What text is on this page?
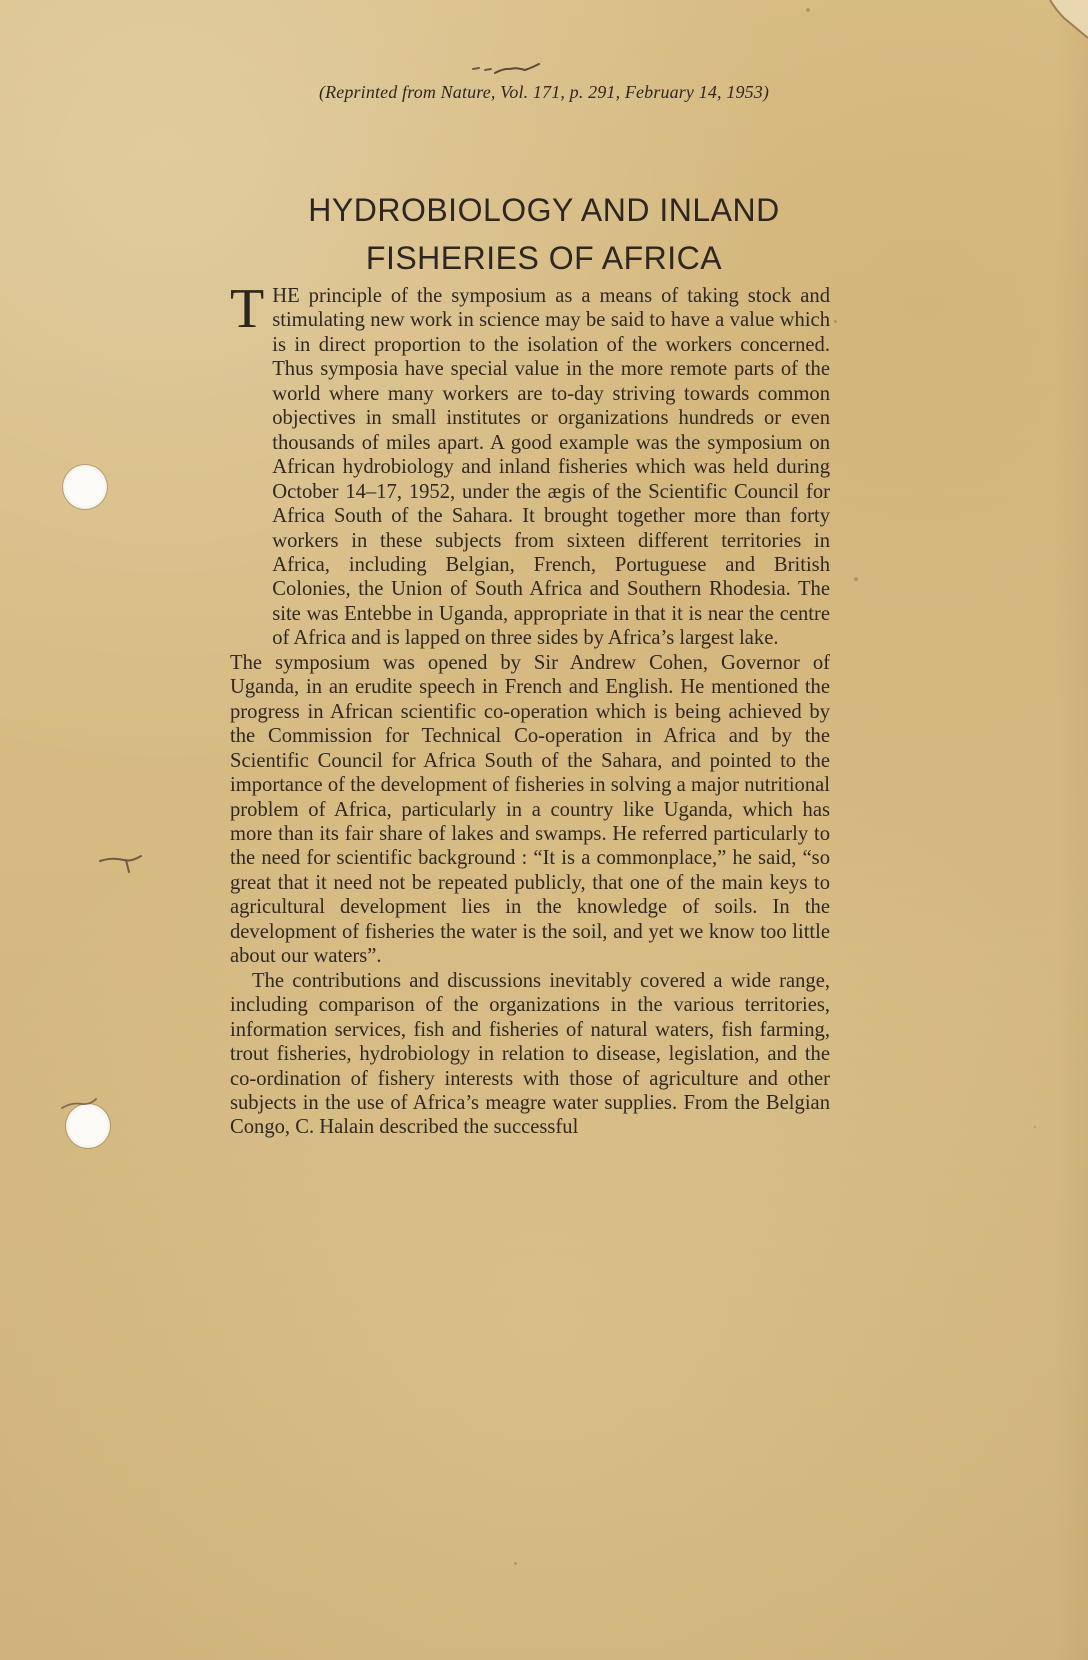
(Reprinted from Nature, Vol. 171, p. 291, February 14, 1953)
HYDROBIOLOGY AND INLAND
FISHERIES OF AFRICA
T HE principle of the symposium as a means of taking stock and stimulating new work in science may be said to have a value which is in direct proportion to the isolation of the workers concerned. Thus symposia have special value in the more remote parts of the world where many workers are to-day striving towards common objectives in small institutes or organizations hundreds or even thousands of miles apart. A good example was the symposium on African hydrobiology and inland fisheries which was held during October 14–17, 1952, under the ægis of the Scientific Council for Africa South of the Sahara. It brought together more than forty workers in these subjects from sixteen different territories in Africa, including Belgian, French, Portuguese and British Colonies, the Union of South Africa and Southern Rhodesia. The site was Entebbe in Uganda, appropriate in that it is near the centre of Africa and is lapped on three sides by Africa’s largest lake.

The symposium was opened by Sir Andrew Cohen, Governor of Uganda, in an erudite speech in French and English. He mentioned the progress in African scientific co-operation which is being achieved by the Commission for Technical Co-operation in Africa and by the Scientific Council for Africa South of the Sahara, and pointed to the importance of the development of fisheries in solving a major nutritional problem of Africa, particularly in a country like Uganda, which has more than its fair share of lakes and swamps. He referred particularly to the need for scientific background : “It is a commonplace,” he said, “so great that it need not be repeated publicly, that one of the main keys to agricultural development lies in the knowledge of soils. In the development of fisheries the water is the soil, and yet we know too little about our waters”.

The contributions and discussions inevitably covered a wide range, including comparison of the organizations in the various territories, information services, fish and fisheries of natural waters, fish farming, trout fisheries, hydrobiology in relation to disease, legislation, and the co-ordination of fishery interests with those of agriculture and other subjects in the use of Africa’s meagre water supplies. From the Belgian Congo, C. Halain described the successful
